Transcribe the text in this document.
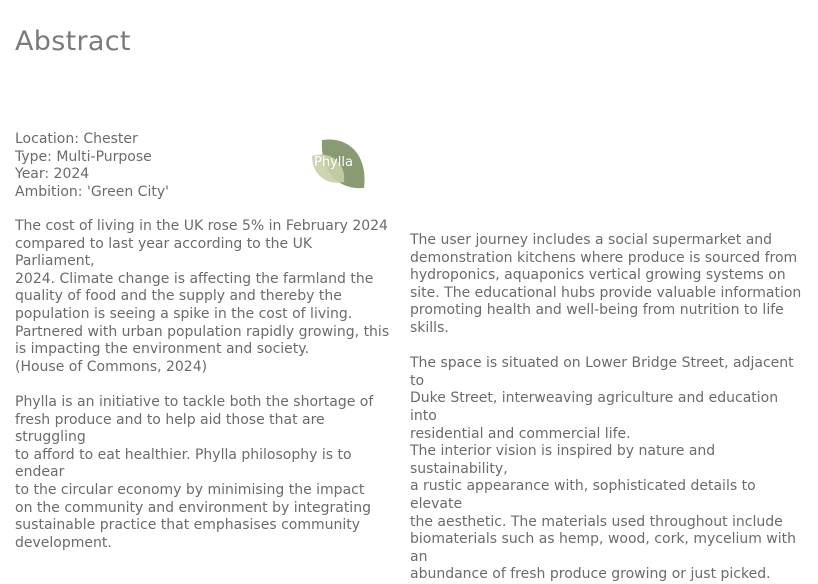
Abstract
Location: Chester
Type: Multi-Purpose
Year: 2024
Ambition: 'Green City'
Phylla

The cost of living in the UK rose 5% in February 2024
compared to last year according to the UK Parliament,
2024. Climate change is affecting the farmland the
quality of food and the supply and thereby the
population is seeing a spike in the cost of living.
Partnered with urban population rapidly growing, this
is impacting the environment and society.

(House of Commons, 2024)

Phylla is an initiative to tackle both the shortage of
fresh produce and to help aid those that are struggling
to afford to eat healthier. Phylla philosophy is to endear
to the circular economy by minimising the impact
on the community and environment by integrating
sustainable practice that emphasises community
development.

The user journey includes a social supermarket and
demonstration kitchens where produce is sourced from
hydroponics, aquaponics vertical growing systems on
site. The educational hubs provide valuable information
promoting health and well-being from nutrition to life
skills.

The space is situated on Lower Bridge Street, adjacent to
Duke Street, interweaving agriculture and education into
residential and commercial life.

The interior vision is inspired by nature and sustainability,
a rustic appearance with, sophisticated details to elevate
the aesthetic. The materials used throughout include
biomaterials such as hemp, wood, cork, mycelium with an
abundance of fresh produce growing or just picked.
